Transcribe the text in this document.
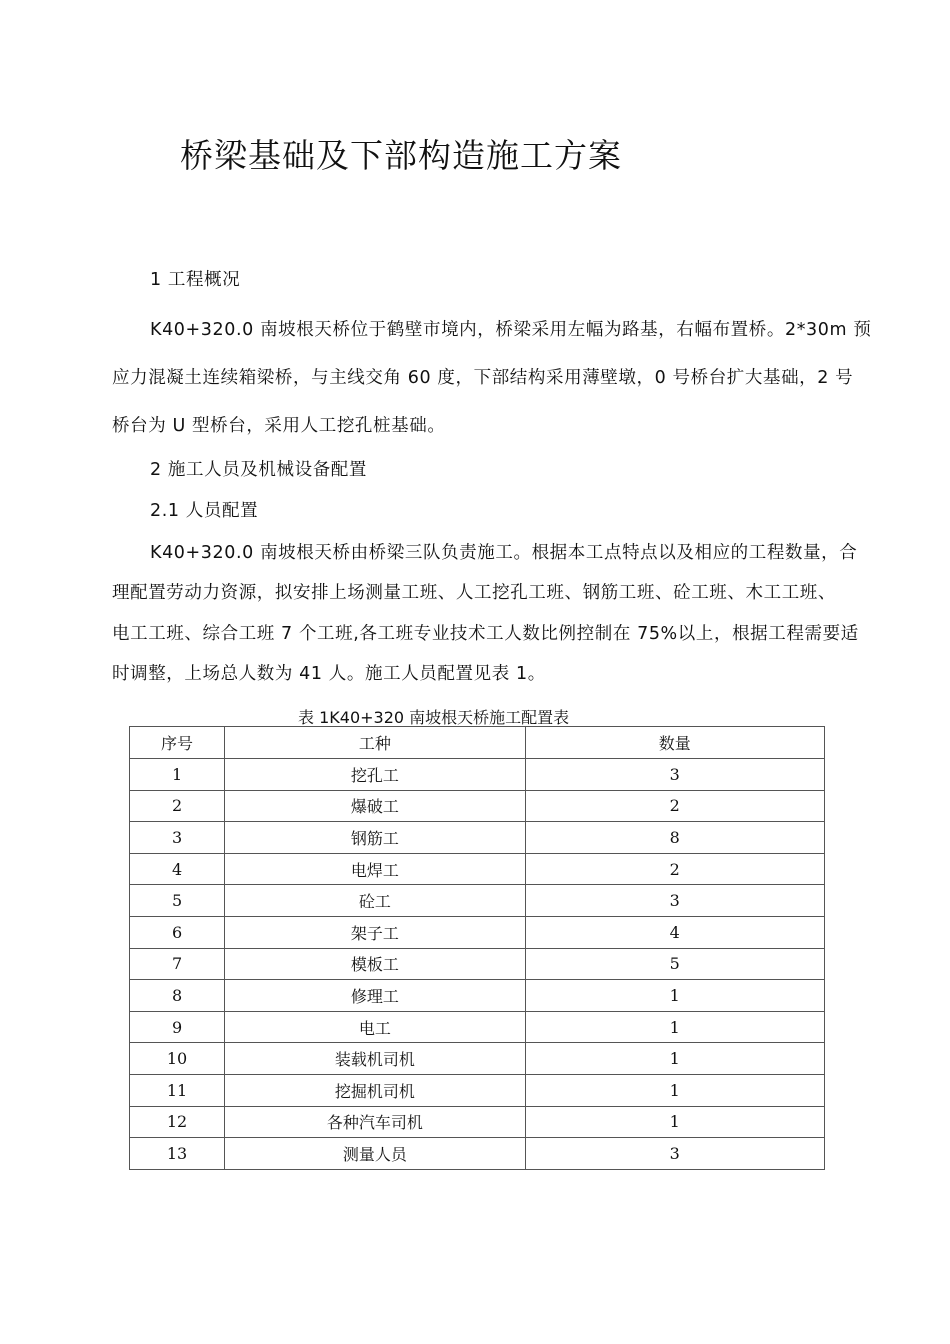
桥梁基础及下部构造施工方案
1 工程概况
K40+320.0 南坡根天桥位于鹤壁市境内，桥梁采用左幅为路基，右幅布置桥。2*30m 预
应力混凝土连续箱梁桥，与主线交角 60 度，下部结构采用薄壁墩，0 号桥台扩大基础，2 号
桥台为 U 型桥台，采用人工挖孔桩基础。
2 施工人员及机械设备配置
2.1 人员配置
K40+320.0 南坡根天桥由桥梁三队负责施工。根据本工点特点以及相应的工程数量，合
理配置劳动力资源，拟安排上场测量工班、人工挖孔工班、钢筋工班、砼工班、木工工班、
电工工班、综合工班 7 个工班,各工班专业技术工人数比例控制在 75%以上，根据工程需要适
时调整，上场总人数为 41 人。施工人员配置见表 1。
表 1K40+320 南坡根天桥施工配置表
序号	工种	数量
1	挖孔工	3
2	爆破工	2
3	钢筋工	8
4	电焊工	2
5	砼工	3
6	架子工	4
7	模板工	5
8	修理工	1
9	电工	1
10	装载机司机	1
11	挖掘机司机	1
12	各种汽车司机	1
13	测量人员	3
